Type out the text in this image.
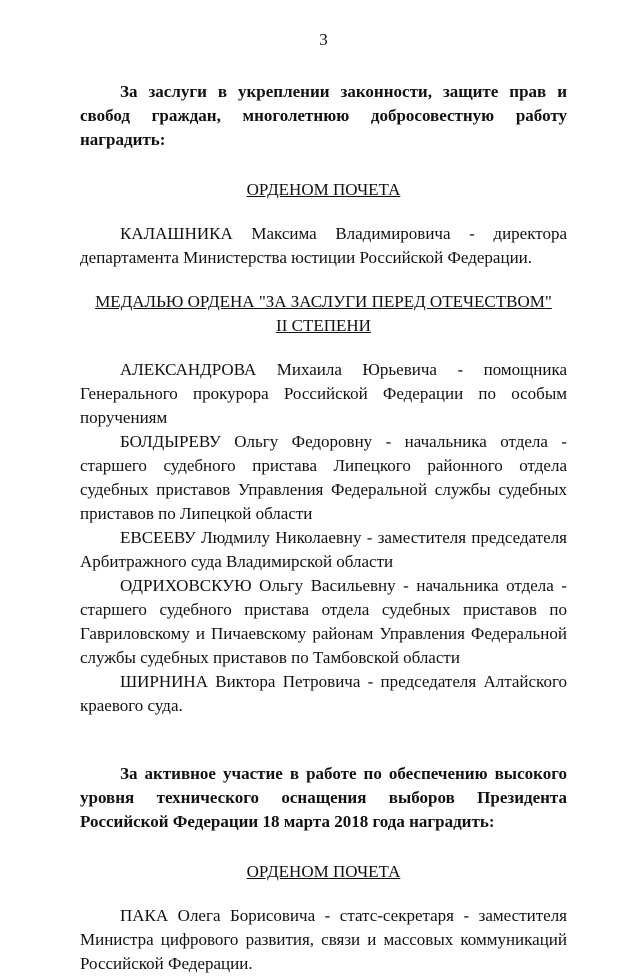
3

За заслуги в укреплении законности, защите прав и свобод граждан, многолетнюю добросовестную работу наградить:

ОРДЕНОМ ПОЧЕТА

КАЛАШНИКА Максима Владимировича - директора департамента Министерства юстиции Российской Федерации.

МЕДАЛЬЮ ОРДЕНА "ЗА ЗАСЛУГИ ПЕРЕД ОТЕЧЕСТВОМ"

II СТЕПЕНИ

АЛЕКСАНДРОВА Михаила Юрьевича - помощника Генерального прокурора Российской Федерации по особым поручениям

БОЛДЫРЕВУ Ольгу Федоровну - начальника отдела - старшего судебного пристава Липецкого районного отдела судебных приставов Управления Федеральной службы судебных приставов по Липецкой области

ЕВСЕЕВУ Людмилу Николаевну - заместителя председателя Арбитражного суда Владимирской области

ОДРИХОВСКУЮ Ольгу Васильевну - начальника отдела - старшего судебного пристава отдела судебных приставов по Гавриловскому и Пичаевскому районам Управления Федеральной службы судебных приставов по Тамбовской области

ШИРНИНА Виктора Петровича - председателя Алтайского краевого суда.

За активное участие в работе по обеспечению высокого уровня технического оснащения выборов Президента Российской Федерации 18 марта 2018 года наградить:

ОРДЕНОМ ПОЧЕТА

ПАКА Олега Борисовича - статс-секретаря - заместителя Министра цифрового развития, связи и массовых коммуникаций Российской Федерации.
